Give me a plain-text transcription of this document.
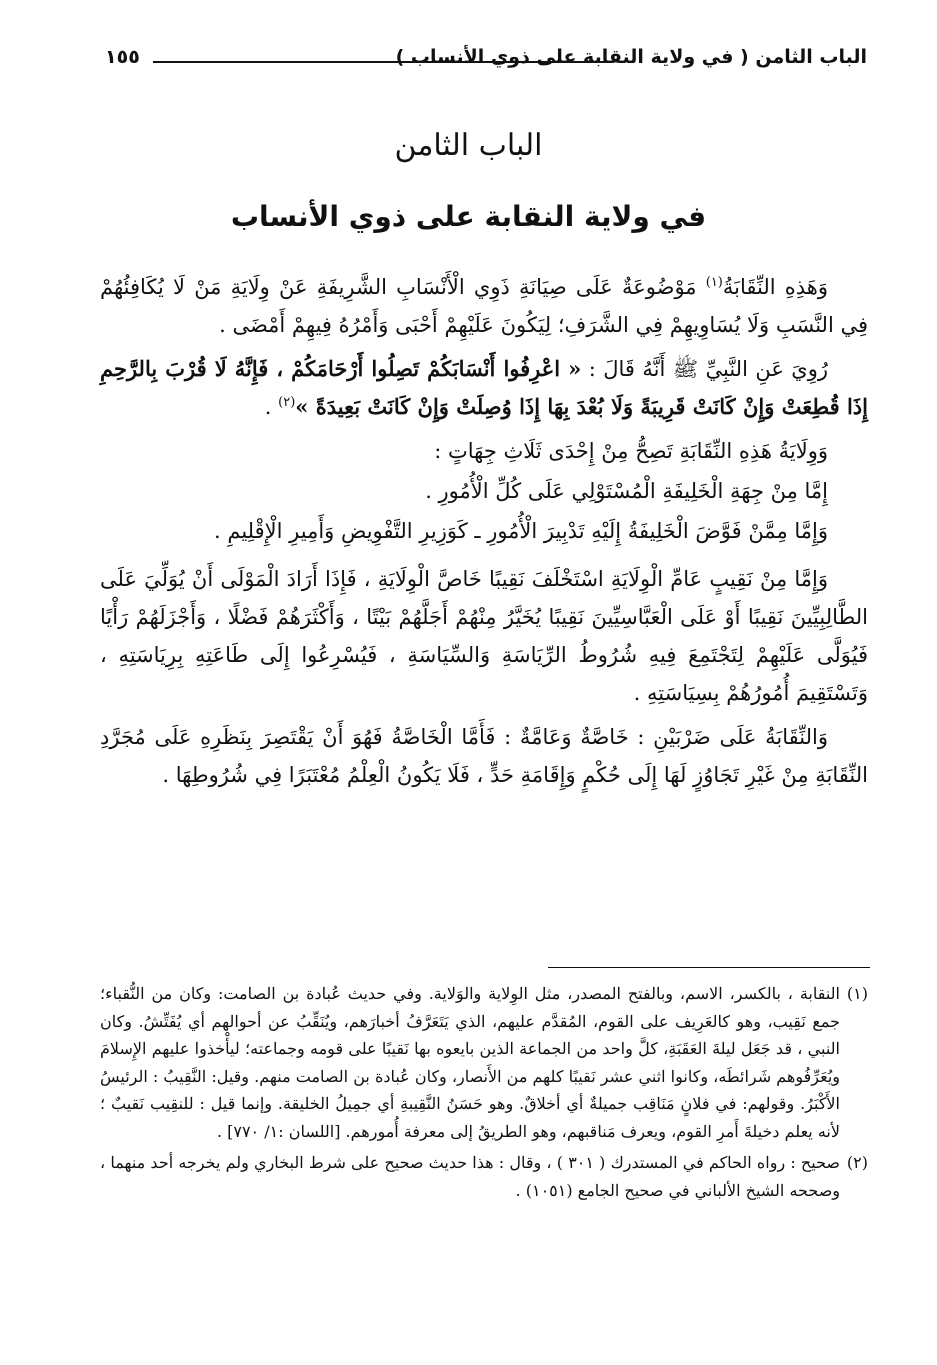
الباب الثامن ( في ولاية النقابة على ذوي الأنساب )
١٥٥
الباب الثامن
في ولاية النقابة على ذوي الأنساب

وَهَذِهِ النِّقَابَةُ$^{(١)}$ مَوْضُوعَةٌ عَلَى صِيَانَةِ ذَوِي الْأَنْسَابِ الشَّرِيفَةِ عَنْ وِلَايَةِ مَنْ لَا يُكَافِئُهُمْ فِي النَّسَبِ وَلَا يُسَاوِيهِمْ فِي الشَّرَفِ؛ لِيَكُونَ عَلَيْهِمْ أَحْبَى وَأَمْرُهُ فِيهِمْ أَمْضَى .

رُوِيَ عَنِ النَّبِيِّ ﷺ أَنَّهُ قَالَ : « اعْرِفُوا أَنْسَابَكُمْ تَصِلُوا أَرْحَامَكُمْ ، فَإِنَّهُ لَا قُرْبَ بِالرَّحِمِ إِذَا قُطِعَتْ وَإِنْ كَانَتْ قَرِيبَةً وَلَا بُعْدَ بِهَا إِذَا وُصِلَتْ وَإِنْ كَانَتْ بَعِيدَةً »$^{(٢)}$ .

وَوِلَايَةُ هَذِهِ النِّقَابَةِ تَصِحُّ مِنْ إِحْدَى ثَلَاثِ جِهَاتٍ :

إِمَّا مِنْ جِهَةِ الْخَلِيفَةِ الْمُسْتَوْلِي عَلَى كُلِّ الْأُمُورِ .

وَإِمَّا مِمَّنْ فَوَّضَ الْخَلِيفَةُ إِلَيْهِ تَدْبِيرَ الْأُمُورِ ـ كَوَزِيرِ التَّفْوِيضِ وَأَمِيرِ الْإِقْلِيمِ .

وَإِمَّا مِنْ نَقِيبٍ عَامِّ الْوِلَايَةِ اسْتَخْلَفَ نَقِيبًا خَاصَّ الْوِلَايَةِ ، فَإِذَا أَرَادَ الْمَوْلَى أَنْ يُوَلِّيَ عَلَى الطَّالِبِيِّينَ نَقِيبًا أَوْ عَلَى الْعَبَّاسِيِّينَ نَقِيبًا يُخَيَّرُ مِنْهُمْ أَجَلَّهُمْ بَيْتًا ، وَأَكْثَرَهُمْ فَضْلًا ، وَأَجْزَلَهُمْ رَأْيًا فَيُوَلَّى عَلَيْهِمْ لِتَجْتَمِعَ فِيهِ شُرُوطُ الرِّيَاسَةِ وَالسِّيَاسَةِ ، فَيُسْرِعُوا إِلَى طَاعَتِهِ بِرِيَاسَتِهِ ، وَتَسْتَقِيمَ أُمُورُهُمْ بِسِيَاسَتِهِ .

وَالنِّقَابَةُ عَلَى ضَرْبَيْنِ : خَاصَّةٌ وَعَامَّةٌ : فَأَمَّا الْخَاصَّةُ فَهُوَ أَنْ يَقْتَصِرَ بِنَظَرِهِ عَلَى مُجَرَّدِ النِّقَابَةِ مِنْ غَيْرِ تَجَاوُزٍ لَهَا إِلَى حُكْمٍ وَإِقَامَةِ حَدٍّ ، فَلَا يَكُونُ الْعِلْمُ مُعْتَبَرًا فِي شُرُوطِهَا .

(١)النقابة ، بالكسر، الاسم، وبالفتح المصدر، مثل الوِلاية والوَلاية. وفي حديث عُبادة بن الصامت: وكان من النُّقباء؛ جمع نَقِيب، وهو كالعَرِيف على القوم، المُقدَّم عليهم، الذي يَتَعَرَّفُ أخبارَهم، ويُنَقِّبُ عن أحوالهم أي يُفَتِّشُ. وكان النبي ، قد جَعَل ليلةَ العَقَبَةِ، كلَّ واحد من الجماعة الذين بايعوه بها نَقيبًا على قومه وجماعته؛ ليأْخذوا عليهم الإِسلامَ ويُعَرِّفُوهم شَرائطَه، وكانوا اثني عشر نَقيبًا كلهم من الأَنصار، وكان عُبادة بن الصامت منهم. وقيل: النَّقِيبُ : الرئيسُ الأَكْبَرُ. وقولهم: في فلانٍ مَنَاقِب جميلةٌ أي أخلاقٌ. وهو حَسَنُ النَّقِيبةِ أي جمِيلُ الخليقة. وإنما قيل : للنقِيب نَقيبٌ ؛ لأنه يعلم دخيلةَ أَمرِ القوم، ويعرف مَناقبهم، وهو الطريقُ إلى معرفة أُمورهم. [اللسان :١/ ٧٧٠] .

(٢)صحيح : رواه الحاكم في المستدرك ( ٣٠١ ) ، وقال : هذا حديث صحيح على شرط البخاري ولم يخرجه أحد منهما ، وصححه الشيخ الألباني في صحيح الجامع (١٠٥١) .
